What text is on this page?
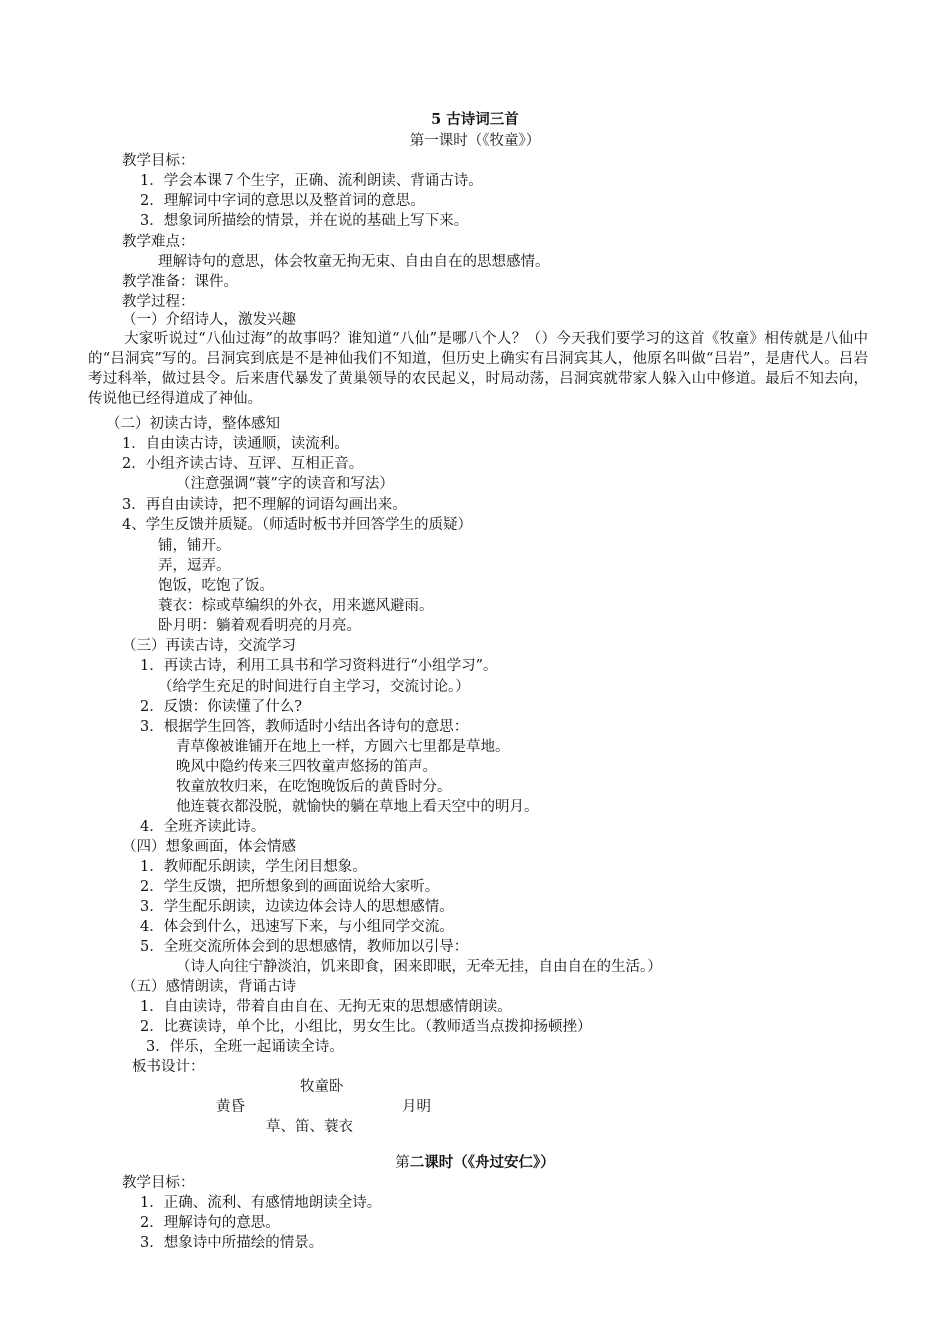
5 古诗词三首
第一课时（《牧童》）
教学目标：
1．学会本课７个生字，正确、流利朗读、背诵古诗。
2．理解词中字词的意思以及整首词的意思。
3．想象词所描绘的情景，并在说的基础上写下来。
教学难点：
理解诗句的意思，体会牧童无拘无束、自由自在的思想感情。
教学准备：课件。
教学过程：
（一）介绍诗人，激发兴趣
大家听说过“八仙过海”的故事吗？谁知道“八仙”是哪八个人？（）今天我们要学习的这首《牧童》相传就是八仙中的“吕洞宾”写的。吕洞宾到底是不是神仙我们不知道，但历史上确实有吕洞宾其人，他原名叫做“吕岩”，是唐代人。吕岩考过科举，做过县令。后来唐代暴发了黄巢领导的农民起义，时局动荡，吕洞宾就带家人躲入山中修道。最后不知去向，传说他已经得道成了神仙。
（二）初读古诗，整体感知
1．自由读古诗，读通顺，读流利。
2．小组齐读古诗、互评、互相正音。
（注意强调“蓑”字的读音和写法）
3．再自由读诗，把不理解的词语勾画出来。
4、学生反馈并质疑。（师适时板书并回答学生的质疑）
铺，铺开。
弄，逗弄。
饱饭，吃饱了饭。
蓑衣：棕或草编织的外衣，用来遮风避雨。
卧月明：躺着观看明亮的月亮。
（三）再读古诗，交流学习
1．再读古诗，利用工具书和学习资料进行“小组学习”。
（给学生充足的时间进行自主学习，交流讨论。）
2．反馈：你读懂了什么?
3．根据学生回答，教师适时小结出各诗句的意思：
青草像被谁铺开在地上一样，方圆六七里都是草地。
晚风中隐约传来三四牧童声悠扬的笛声。
牧童放牧归来，在吃饱晚饭后的黄昏时分。
他连蓑衣都没脱，就愉快的躺在草地上看天空中的明月。
4．全班齐读此诗。
（四）想象画面，体会情感
1．教师配乐朗读，学生闭目想象。
2．学生反馈，把所想象到的画面说给大家听。
3．学生配乐朗读，边读边体会诗人的思想感情。
4．体会到什么，迅速写下来，与小组同学交流。
5．全班交流所体会到的思想感情，教师加以引导：
（诗人向往宁静淡泊，饥来即食，困来即眠，无牵无挂，自由自在的生活。）
（五）感情朗读，背诵古诗
1．自由读诗，带着自由自在、无拘无束的思想感情朗读。
2．比赛读诗，单个比，小组比，男女生比。（教师适当点拨抑扬顿挫）
3．伴乐，全班一起诵读全诗。
板书设计：
牧童卧
黄昏	月明
草、笛、蓑衣
第二课时（《舟过安仁》）
教学目标：
1．正确、流利、有感情地朗读全诗。
2．理解诗句的意思。
3．想象诗中所描绘的情景。
